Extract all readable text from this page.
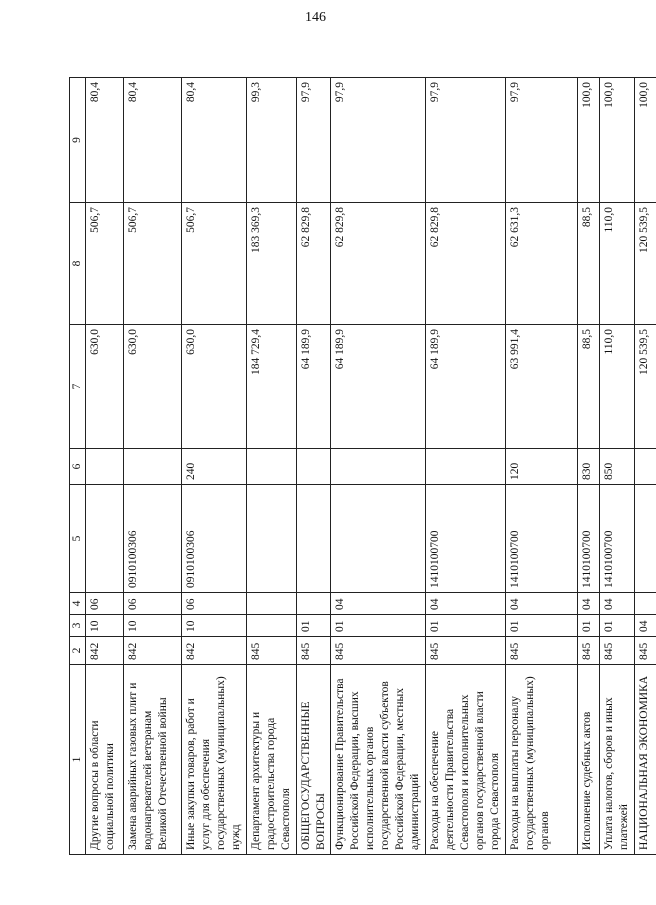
146
1	2	3	4	5	6	7	8	9
Другие вопросы в области социальной политики	842	10	06			630,0	506,7	80,4
Замена аварийных газовых плит и водонагревателей ветеранам Великой Отечественной войны	842	10	06	0910100306		630,0	506,7	80,4
Иные закупки товаров, работ и услуг для обеспечения государственных (муниципальных) нужд	842	10	06	0910100306	240	630,0	506,7	80,4
Департамент архитектуры и градостроительства города Севастополя	845					184 729,4	183 369,3	99,3
ОБЩЕГОСУДАРСТВЕННЫЕ ВОПРОСЫ	845	01				64 189,9	62 829,8	97,9
Функционирование Правительства Российской Федерации, высших исполнительных органов государственной власти субъектов Российской Федерации, местных администраций	845	01	04			64 189,9	62 829,8	97,9
Расходы на обеспечение деятельности Правительства Севастополя и исполнительных органов государственной власти города Севастополя	845	01	04	1410100700		64 189,9	62 829,8	97,9
Расходы на выплаты персоналу государственных (муниципальных) органов	845	01	04	1410100700	120	63 991,4	62 631,3	97,9
Исполнение судебных актов	845	01	04	1410100700	830	88,5	88,5	100,0
Уплата налогов, сборов и иных платежей	845	01	04	1410100700	850	110,0	110,0	100,0
НАЦИОНАЛЬНАЯ ЭКОНОМИКА	845	04				120 539,5	120 539,5	100,0
